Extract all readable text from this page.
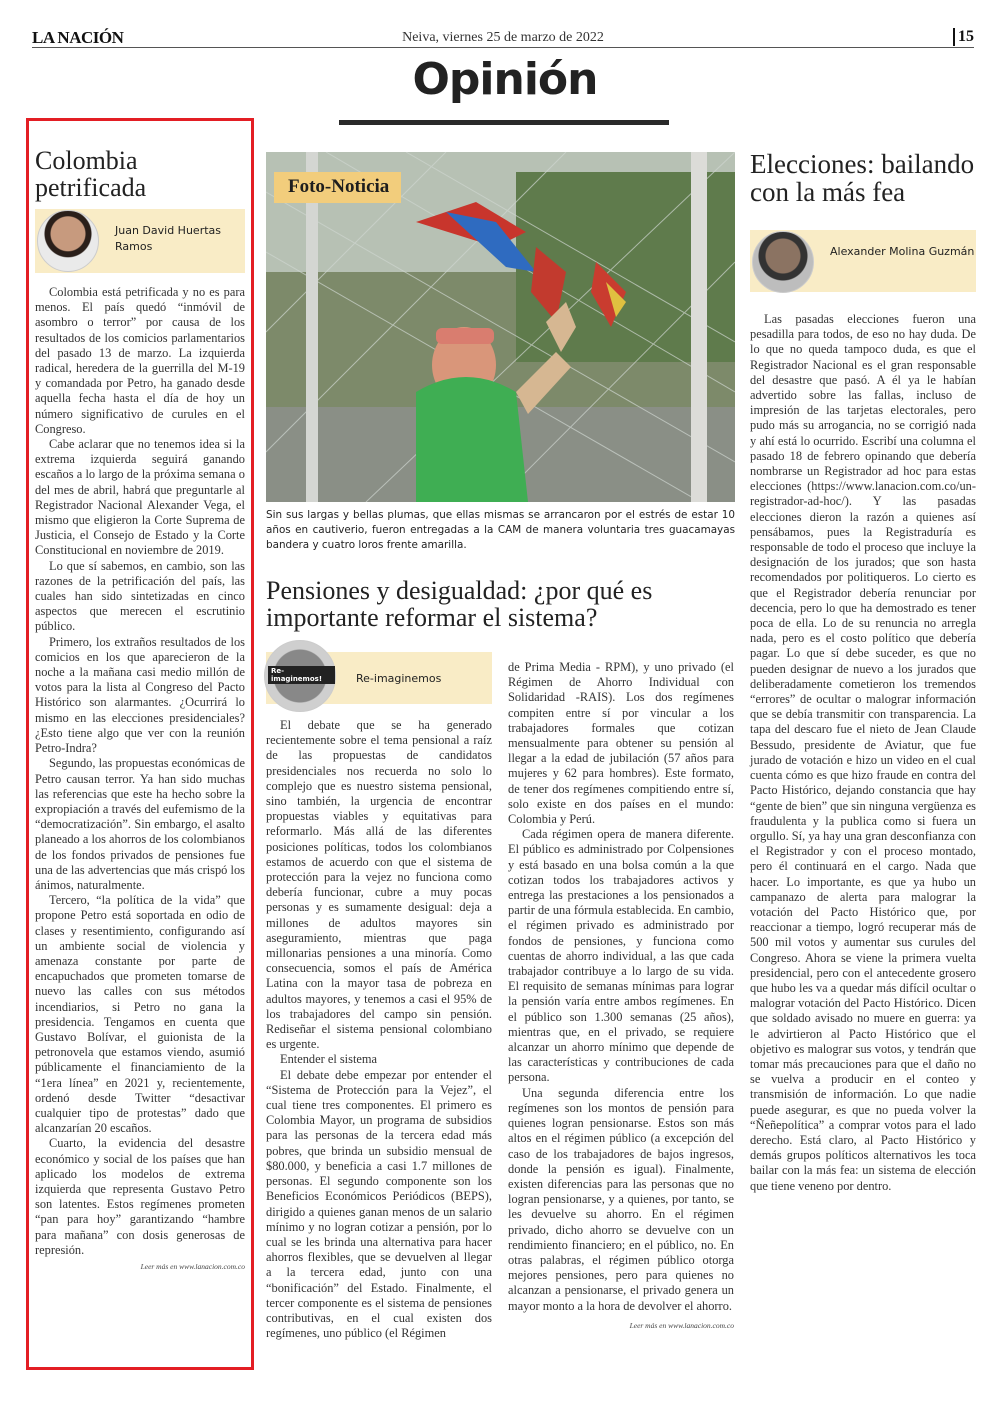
LA NACIÓN	Neiva, viernes 25 de marzo de 2022	15
Opinión
Colombia petrificada
Juan David Huertas Ramos

Colombia está petrificada y no es para menos. El país quedó “inmóvil de asombro o terror” por causa de los resultados de los comicios parlamentarios del pasado 13 de marzo. La izquierda radical, heredera de la guerrilla del M-19 y comandada por Petro, ha ganado desde aquella fecha hasta el día de hoy un número significativo de curules en el Congreso.

Cabe aclarar que no tenemos idea si la extrema izquierda seguirá ganando escaños a lo largo de la próxima semana o del mes de abril, habrá que preguntarle al Registrador Nacional Alexander Vega, el mismo que eligieron la Corte Suprema de Justicia, el Consejo de Estado y la Corte Constitucional en noviembre de 2019.

Lo que sí sabemos, en cambio, son las razones de la petrificación del país, las cuales han sido sintetizadas en cinco aspectos que merecen el escrutinio público.

Primero, los extraños resultados de los comicios en los que aparecieron de la noche a la mañana casi medio millón de votos para la lista al Congreso del Pacto Histórico son alarmantes. ¿Ocurrirá lo mismo en las elecciones presidenciales? ¿Esto tiene algo que ver con la reunión Petro-Indra?

Segundo, las propuestas económicas de Petro causan terror. Ya han sido muchas las referencias que este ha hecho sobre la expropiación a través del eufemismo de la “democratización”. Sin embargo, el asalto planeado a los ahorros de los colombianos de los fondos privados de pensiones fue una de las advertencias que más crispó los ánimos, naturalmente.

Tercero, “la política de la vida” que propone Petro está soportada en odio de clases y resentimiento, configurando así un ambiente social de violencia y amenaza constante por parte de encapuchados que prometen tomarse de nuevo las calles con sus métodos incendiarios, si Petro no gana la presidencia. Tengamos en cuenta que Gustavo Bolívar, el guionista de la petronovela que estamos viendo, asumió públicamente el financiamiento de la “1era línea” en 2021 y, recientemente, ordenó desde Twitter “desactivar cualquier tipo de protestas” dado que alcanzarían 20 escaños.

Cuarto, la evidencia del desastre económico y social de los países que han aplicado los modelos de extrema izquierda que representa Gustavo Petro son latentes. Estos regímenes prometen “pan para hoy” garantizando “hambre para mañana” con dosis generosas de represión.

Leer más en www.lanacion.com.co
Foto-Noticia
Sin sus largas y bellas plumas, que ellas mismas se arrancaron por el estrés de estar 10 años en cautiverio, fueron entregadas a la CAM de manera voluntaria tres guacamayas bandera y cuatro loros frente amarilla.
Pensiones y desigualdad: ¿por qué es importante reformar el sistema?
Re-imaginemos!	Re-imaginemos

El debate que se ha generado recientemente sobre el tema pensional a raíz de las propuestas de candidatos presidenciales nos recuerda no solo lo complejo que es nuestro sistema pensional, sino también, la urgencia de encontrar propuestas viables y equitativas para reformarlo. Más allá de las diferentes posiciones políticas, todos los colombianos estamos de acuerdo con que el sistema de protección para la vejez no funciona como debería funcionar, cubre a muy pocas personas y es sumamente desigual: deja a millones de adultos mayores sin aseguramiento, mientras que paga millonarias pensiones a una minoría. Como consecuencia, somos el país de América Latina con la mayor tasa de pobreza en adultos mayores, y tenemos a casi el 95% de los trabajadores del campo sin pensión. Rediseñar el sistema pensional colombiano es urgente.

Entender el sistema

El debate debe empezar por entender el “Sistema de Protección para la Vejez”, el cual tiene tres componentes. El primero es Colombia Mayor, un programa de subsidios para las personas de la tercera edad más pobres, que brinda un subsidio mensual de $80.000, y beneficia a casi 1.7 millones de personas. El segundo componente son los Beneficios Económicos Periódicos (BEPS), dirigido a quienes ganan menos de un salario mínimo y no logran cotizar a pensión, por lo cual se les brinda una alternativa para hacer ahorros flexibles, que se devuelven al llegar a la tercera edad, junto con una “bonificación” del Estado. Finalmente, el tercer componente es el sistema de pensiones contributivas, en el cual existen dos regímenes, uno público (el Régimen

de Prima Media - RPM), y uno privado (el Régimen de Ahorro Individual con Solidaridad -RAIS). Los dos regímenes compiten entre sí por vincular a los trabajadores formales que cotizan mensualmente para obtener su pensión al llegar a la edad de jubilación (57 años para mujeres y 62 para hombres). Este formato, de tener dos regímenes compitiendo entre sí, solo existe en dos países en el mundo: Colombia y Perú.

Cada régimen opera de manera diferente. El público es administrado por Colpensiones y está basado en una bolsa común a la que cotizan todos los trabajadores activos y entrega las prestaciones a los pensionados a partir de una fórmula establecida. En cambio, el régimen privado es administrado por fondos de pensiones, y funciona como cuentas de ahorro individual, a las que cada trabajador contribuye a lo largo de su vida. El requisito de semanas mínimas para lograr la pensión varía entre ambos regímenes. En el público son 1.300 semanas (25 años), mientras que, en el privado, se requiere alcanzar un ahorro mínimo que depende de las características y contribuciones de cada persona.

Una segunda diferencia entre los regímenes son los montos de pensión para quienes logran pensionarse. Estos son más altos en el régimen público (a excepción del caso de los trabajadores de bajos ingresos, donde la pensión es igual). Finalmente, existen diferencias para las personas que no logran pensionarse, y a quienes, por tanto, se les devuelve su ahorro. En el régimen privado, dicho ahorro se devuelve con un rendimiento financiero; en el público, no. En otras palabras, el régimen público otorga mejores pensiones, pero para quienes no alcanzan a pensionarse, el privado genera un mayor monto a la hora de devolver el ahorro.

Leer más en www.lanacion.com.co
Elecciones: bailando con la más fea
Alexander Molina Guzmán

Las pasadas elecciones fueron una pesadilla para todos, de eso no hay duda. De lo que no queda tampoco duda, es que el Registrador Nacional es el gran responsable del desastre que pasó. A él ya le habían advertido sobre las fallas, incluso de impresión de las tarjetas electorales, pero pudo más su arrogancia, no se corrigió nada y ahí está lo ocurrido. Escribí una columna el pasado 18 de febrero opinando que debería nombrarse un Registrador ad hoc para estas elecciones (https://www.lanacion.com.co/un-registrador-ad-hoc/). Y las pasadas elecciones dieron la razón a quienes así pensábamos, pues la Registraduría es responsable de todo el proceso que incluye la designación de los jurados; que son hasta recomendados por politiqueros. Lo cierto es que el Registrador debería renunciar por decencia, pero lo que ha demostrado es tener poca de ella. Lo de su renuncia no arregla nada, pero es el costo político que debería pagar. Lo que sí debe suceder, es que no pueden designar de nuevo a los jurados que deliberadamente cometieron los tremendos “errores” de ocultar o malograr información que se debía transmitir con transparencia. La tapa del descaro fue el nieto de Jean Claude Bessudo, presidente de Aviatur, que fue jurado de votación e hizo un video en el cual cuenta cómo es que hizo fraude en contra del Pacto Histórico, dejando constancia que hay “gente de bien” que sin ninguna vergüenza es fraudulenta y la publica como si fuera un orgullo. Sí, ya hay una gran desconfianza con el Registrador y con el proceso montado, pero él continuará en el cargo. Nada que hacer. Lo importante, es que ya hubo un campanazo de alerta para malograr la votación del Pacto Histórico que, por reaccionar a tiempo, logró recuperar más de 500 mil votos y aumentar sus curules del Congreso. Ahora se viene la primera vuelta presidencial, pero con el antecedente grosero que hubo les va a quedar más difícil ocultar o malograr votación del Pacto Histórico. Dicen que soldado avisado no muere en guerra: ya le advirtieron al Pacto Histórico que el objetivo es malograr sus votos, y tendrán que tomar más precauciones para que el daño no se vuelva a producir en el conteo y transmisión de información. Lo que nadie puede asegurar, es que no pueda volver la “Ñeñepolítica” a comprar votos para el lado derecho. Está claro, al Pacto Histórico y demás grupos políticos alternativos les toca bailar con la más fea: un sistema de elección que tiene veneno por dentro.
